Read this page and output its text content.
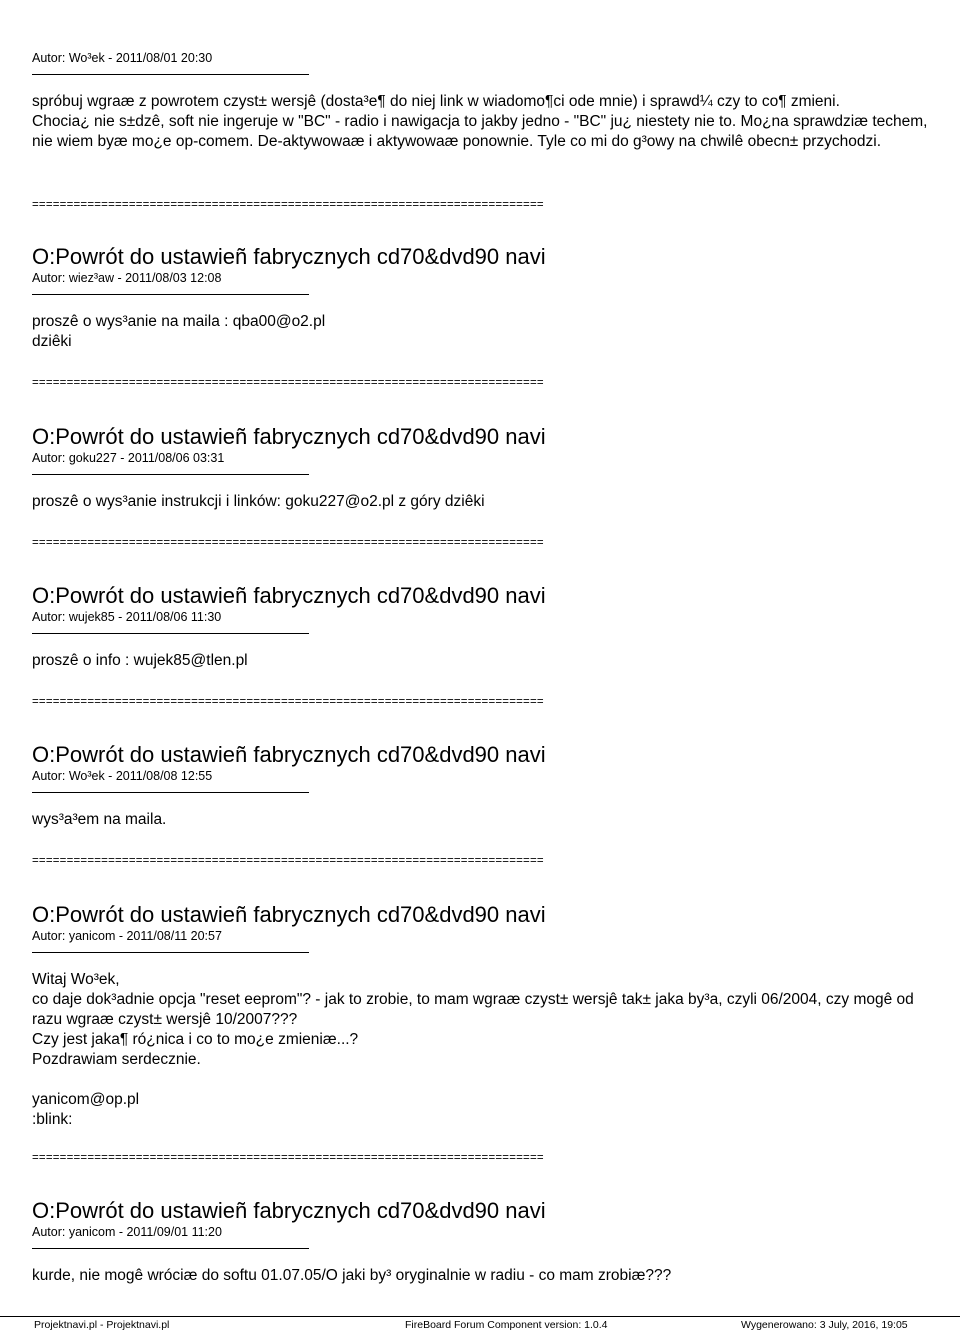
Autor: Wo³ek - 2011/08/01 20:30

spróbuj wgraæ z powrotem czyst± wersjê (dosta³e¶ do niej link w wiadomo¶ci ode mnie) i sprawd¼ czy to co¶ zmieni.

Chocia¿ nie s±dzê, soft nie ingeruje w "BC" - radio i nawigacja to jakby jedno - "BC" ju¿ niestety nie to. Mo¿na sprawdziæ techem, nie wiem byæ mo¿e op-comem. De-aktywowaæ i aktywowaæ ponownie. Tyle co mi do g³owy na chwilê obecn± przychodzi.

==========================================================================
O:Powrót do ustawieñ fabrycznych cd70&dvd90 navi
Autor: wiez³aw - 2011/08/03 12:08

proszê o wys³anie na maila : qba00@o2.pl

dziêki

==========================================================================
O:Powrót do ustawieñ fabrycznych cd70&dvd90 navi
Autor: goku227 - 2011/08/06 03:31

proszê o wys³anie instrukcji i linków: goku227@o2.pl z góry dziêki

==========================================================================
O:Powrót do ustawieñ fabrycznych cd70&dvd90 navi
Autor: wujek85 - 2011/08/06 11:30

proszê o info : wujek85@tlen.pl

==========================================================================
O:Powrót do ustawieñ fabrycznych cd70&dvd90 navi
Autor: Wo³ek - 2011/08/08 12:55

wys³a³em na maila.

==========================================================================
O:Powrót do ustawieñ fabrycznych cd70&dvd90 navi
Autor: yanicom - 2011/08/11 20:57

Witaj Wo³ek,

co daje dok³adnie opcja "reset eeprom"? - jak to zrobie, to mam wgraæ czyst± wersjê tak± jaka by³a, czyli 06/2004, czy mogê od razu wgraæ czyst± wersjê 10/2007???

Czy jest jaka¶ ró¿nica i co to mo¿e zmieniæ...?

Pozdrawiam serdecznie.

yanicom@op.pl

:blink:

==========================================================================
O:Powrót do ustawieñ fabrycznych cd70&dvd90 navi
Autor: yanicom - 2011/09/01 11:20

kurde, nie mogê wróciæ do softu 01.07.05/O jaki by³ oryginalnie w radiu - co mam zrobiæ???

Projektnavi.pl - Projektnavi.pl	FireBoard Forum Component version: 1.0.4	Wygenerowano: 3 July, 2016, 19:05
